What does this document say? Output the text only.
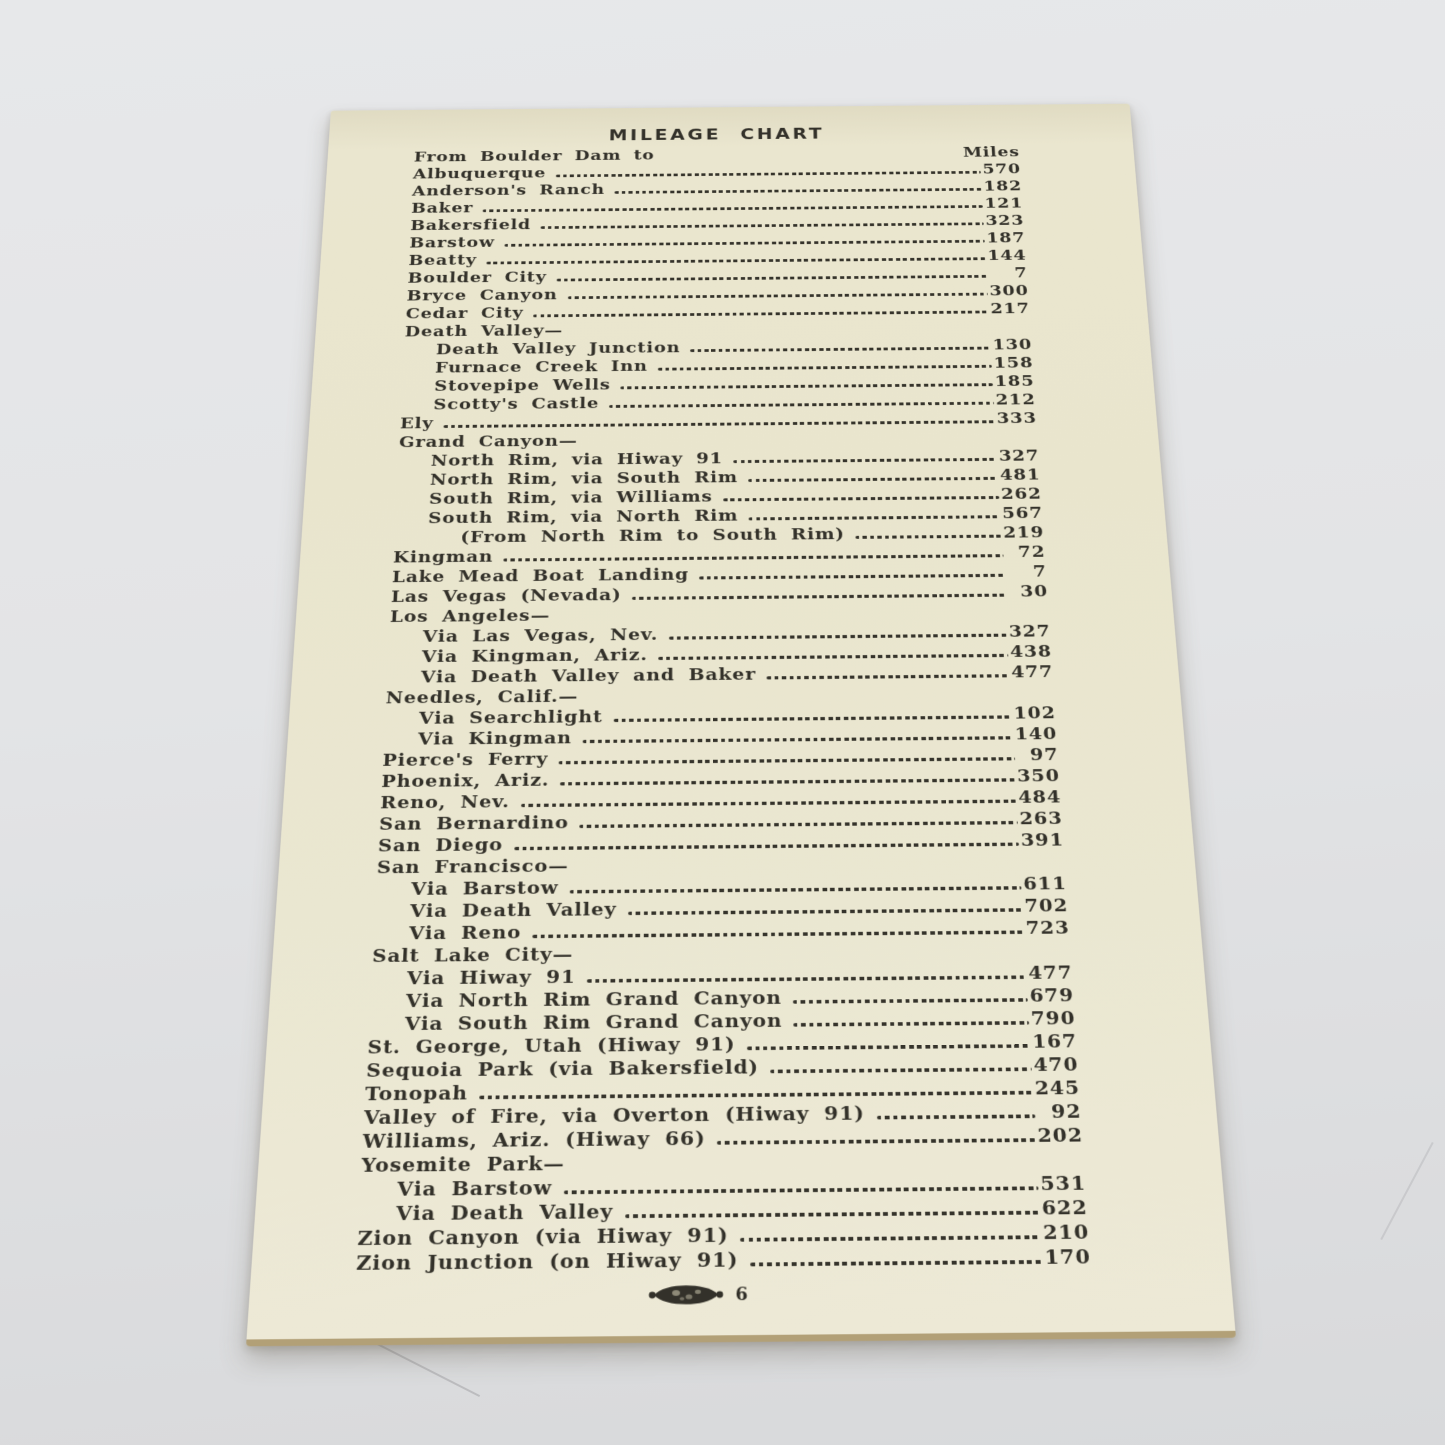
MILEAGE CHART
From Boulder Dam to	Miles
Albuquerque	570
Anderson's Ranch	182
Baker	121
Bakersfield	323
Barstow	187
Beatty	144
Boulder City	7
Bryce Canyon	300
Cedar City	217
Death Valley—
Death Valley Junction	130
Furnace Creek Inn	158
Stovepipe Wells	185
Scotty's Castle	212
Ely	333
Grand Canyon—
North Rim, via Hiway 91	327
North Rim, via South Rim	481
South Rim, via Williams	262
South Rim, via North Rim	567
(From North Rim to South Rim)	219
Kingman	72
Lake Mead Boat Landing	7
Las Vegas (Nevada)	30
Los Angeles—
Via Las Vegas, Nev.	327
Via Kingman, Ariz.	438
Via Death Valley and Baker	477
Needles, Calif.—
Via Searchlight	102
Via Kingman	140
Pierce's Ferry	97
Phoenix, Ariz.	350
Reno, Nev.	484
San Bernardino	263
San Diego	391
San Francisco—
Via Barstow	611
Via Death Valley	702
Via Reno	723
Salt Lake City—
Via Hiway 91	477
Via North Rim Grand Canyon	679
Via South Rim Grand Canyon	790
St. George, Utah (Hiway 91)	167
Sequoia Park (via Bakersfield)	470
Tonopah	245
Valley of Fire, via Overton (Hiway 91)	92
Williams, Ariz. (Hiway 66)	202
Yosemite Park—
Via Barstow	531
Via Death Valley	622
Zion Canyon (via Hiway 91)	210
Zion Junction (on Hiway 91)	170
6
